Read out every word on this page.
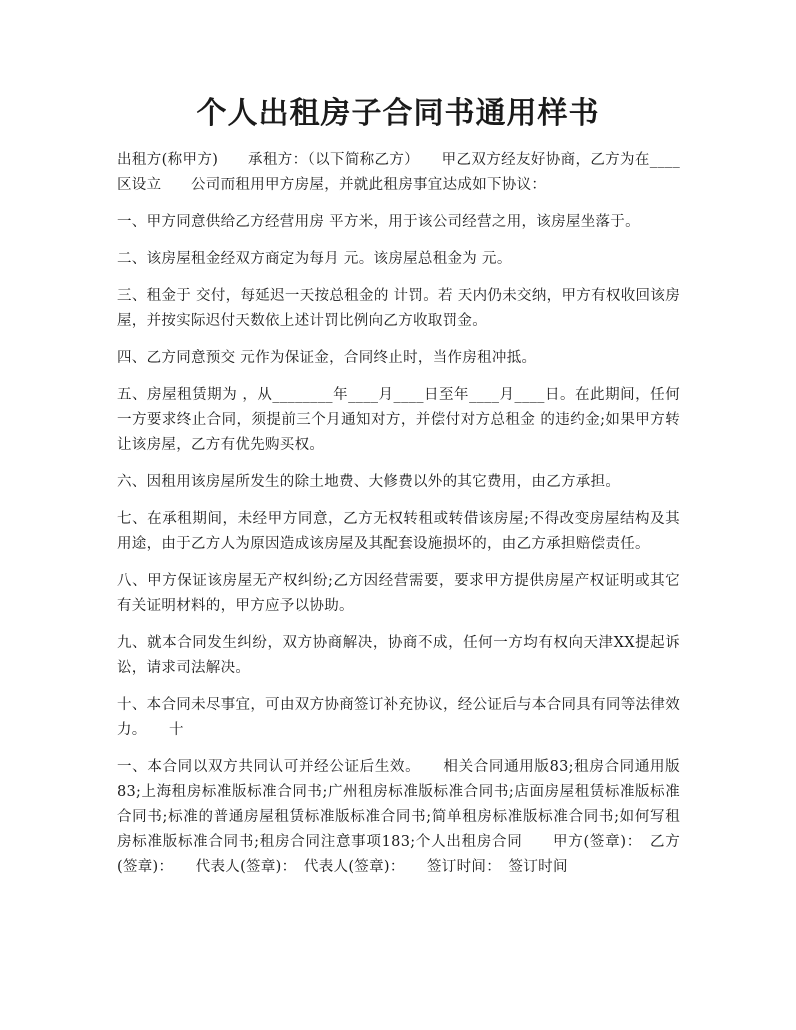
个人出租房子合同书通用样书

出租方(称甲方)　　承租方：（以下简称乙方）　　甲乙双方经友好协商，乙方为在____区设立　　公司而租用甲方房屋，并就此租房事宜达成如下协议：

一、甲方同意供给乙方经营用房 平方米，用于该公司经营之用，该房屋坐落于。

二、该房屋租金经双方商定为每月 元。该房屋总租金为 元。

三、租金于 交付，每延迟一天按总租金的 计罚。若 天内仍未交纳，甲方有权收回该房屋，并按实际迟付天数依上述计罚比例向乙方收取罚金。

四、乙方同意预交 元作为保证金，合同终止时，当作房租冲抵。

五、房屋租赁期为 ，从________年____月____日至年____月____日。在此期间，任何一方要求终止合同，须提前三个月通知对方，并偿付对方总租金 的违约金;如果甲方转让该房屋，乙方有优先购买权。

六、因租用该房屋所发生的除土地费、大修费以外的其它费用，由乙方承担。

七、在承租期间，未经甲方同意，乙方无权转租或转借该房屋;不得改变房屋结构及其用途，由于乙方人为原因造成该房屋及其配套设施损坏的，由乙方承担赔偿责任。

八、甲方保证该房屋无产权纠纷;乙方因经营需要，要求甲方提供房屋产权证明或其它有关证明材料的，甲方应予以协助。

九、就本合同发生纠纷，双方协商解决，协商不成，任何一方均有权向天津XX提起诉讼，请求司法解决。

十、本合同未尽事宜，可由双方协商签订补充协议，经公证后与本合同具有同等法律效力。　　十

一、本合同以双方共同认可并经公证后生效。　　相关合同通用版83;租房合同通用版83;上海租房标准版标准合同书;广州租房标准版标准合同书;店面房屋租赁标准版标准合同书;标准的普通房屋租赁标准版标准合同书;简单租房标准版标准合同书;如何写租房标准版标准合同书;租房合同注意事项183;个人出租房合同　　甲方(签章)：　乙方(签章)：　　代表人(签章)：　代表人(签章)：　　签订时间：　签订时间
